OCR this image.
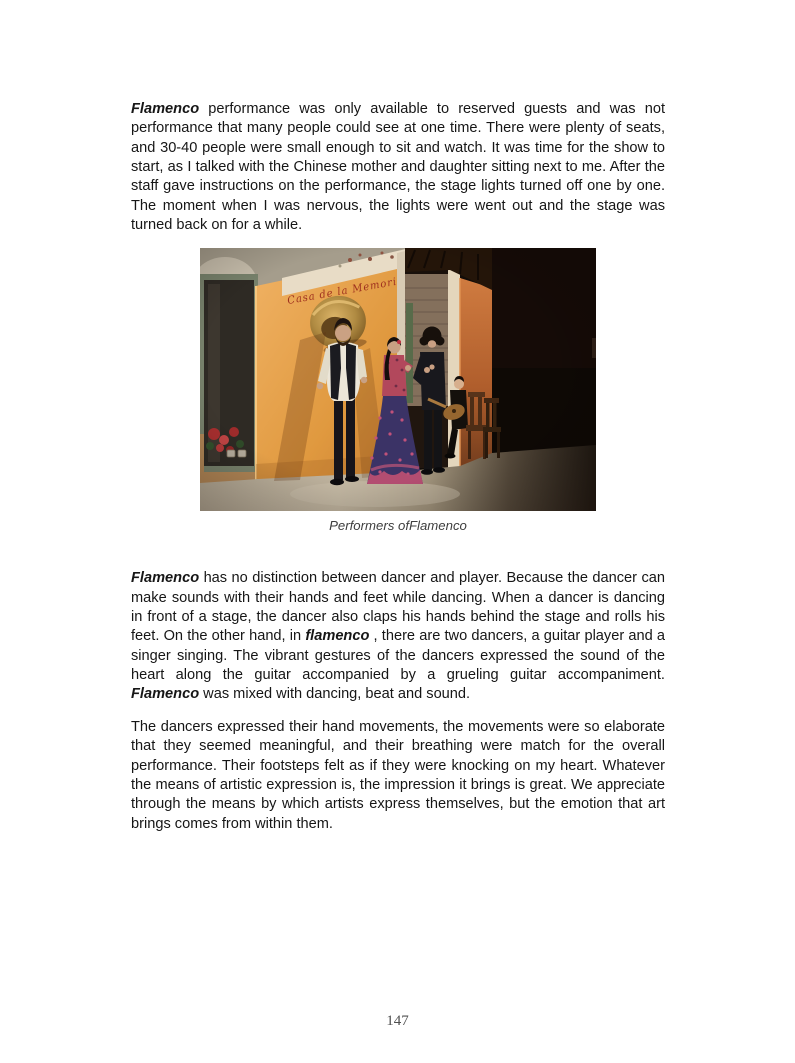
Flamenco performance was only available to reserved guests and was not performance that many people could see at one time. There were plenty of seats, and 30-40 people were small enough to sit and watch. It was time for the show to start, as I talked with the Chinese mother and daughter sitting next to me. After the staff gave instructions on the performance, the stage lights turned off one by one. The moment when I was nervous, the lights were went out and the stage was turned back on for a while.

Performers ofFlamenco

Flamenco has no distinction between dancer and player. Because the dancer can make sounds with their hands and feet while dancing. When a dancer is dancing in front of a stage, the dancer also claps his hands behind the stage and rolls his feet. On the other hand, in flamenco , there are two dancers, a guitar player and a singer singing. The vibrant gestures of the dancers expressed the sound of the heart along the guitar accompanied by a grueling guitar accompaniment. Flamenco was mixed with dancing, beat and sound.

The dancers expressed their hand movements, the movements were so elaborate that they seemed meaningful, and their breathing were match for the overall performance. Their footsteps felt as if they were knocking on my heart. Whatever the means of artistic expression is, the impression it brings is great. We appreciate through the means by which artists express themselves, but the emotion that art brings comes from within them.

147
